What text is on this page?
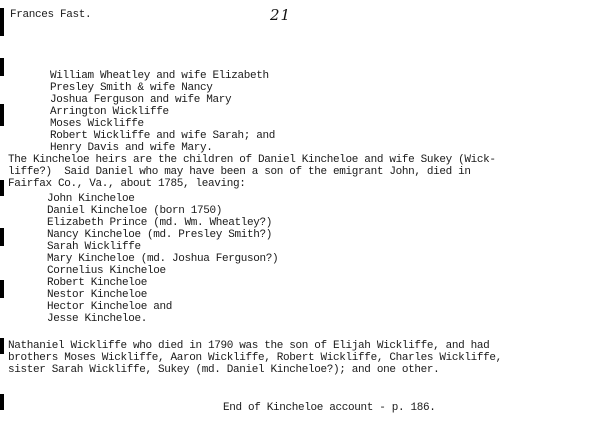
Frances Fast.	21
William Wheatley and wife Elizabeth
Presley Smith & wife Nancy
Joshua Ferguson and wife Mary
Arrington Wickliffe
Moses Wickliffe
Robert Wickliffe and wife Sarah; and
Henry Davis and wife Mary.
The Kincheloe heirs are the children of Daniel Kincheloe and wife Sukey (Wick-
liffe?)  Said Daniel who may have been a son of the emigrant John, died in
Fairfax Co., Va., about 1785, leaving:
John Kincheloe
Daniel Kincheloe (born 1750)
Elizabeth Prince (md. Wm. Wheatley?)
Nancy Kincheloe (md. Presley Smith?)
Sarah Wickliffe
Mary Kincheloe (md. Joshua Ferguson?)
Cornelius Kincheloe
Robert Kincheloe
Nestor Kincheloe
Hector Kincheloe and
Jesse Kincheloe.
Nathaniel Wickliffe who died in 1790 was the son of Elijah Wickliffe, and had
brothers Moses Wickliffe, Aaron Wickliffe, Robert Wickliffe, Charles Wickliffe,
sister Sarah Wickliffe, Sukey (md. Daniel Kincheloe?); and one other.
End of Kincheloe account - p. 186.
